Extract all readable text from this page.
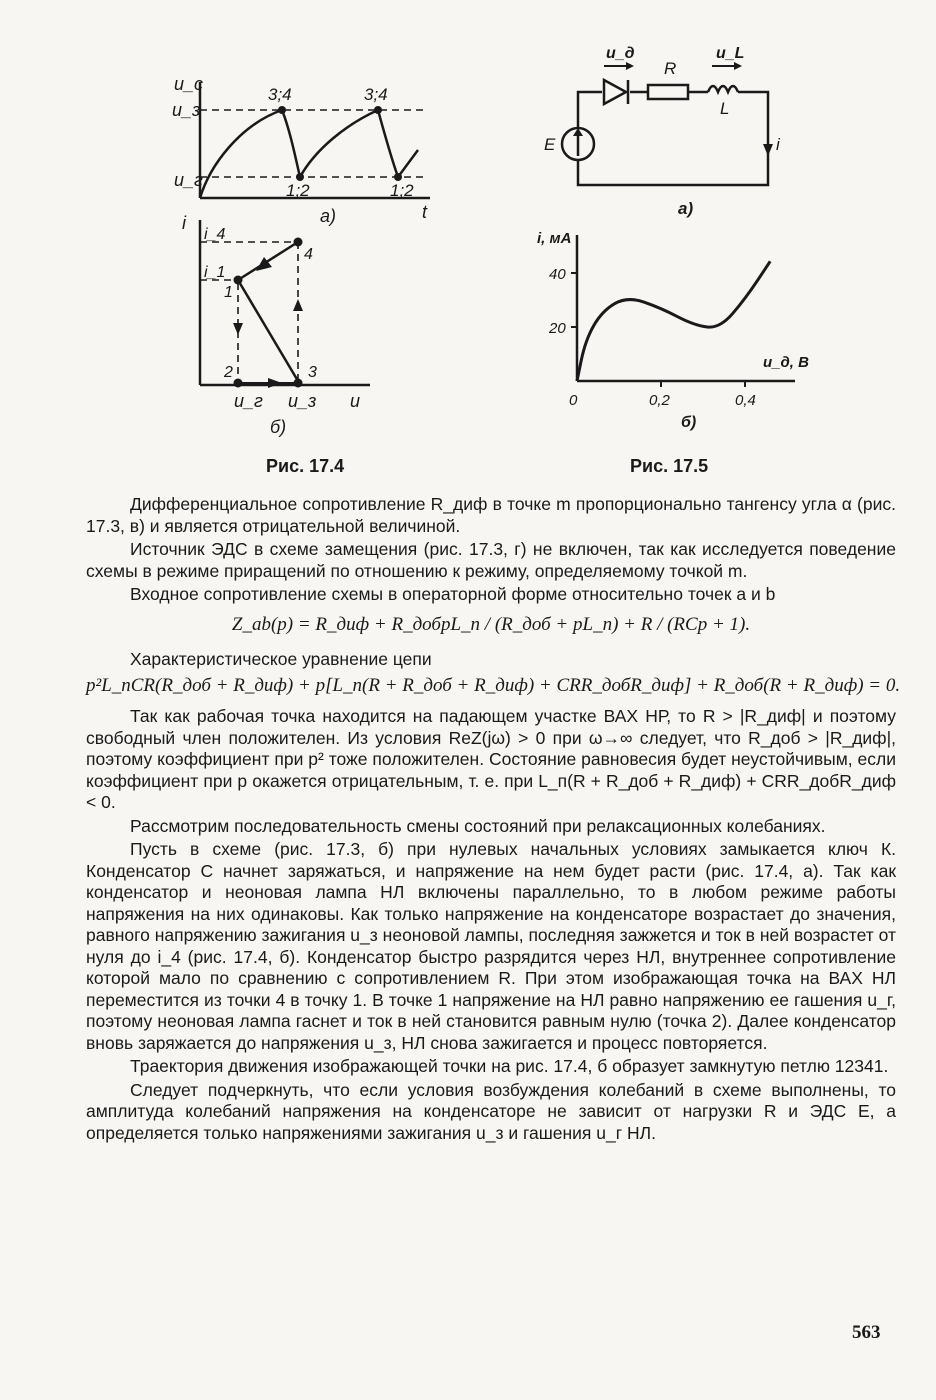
u_c
u_з
u_г
3;4	3;4
1;2	1;2
а)	t
i
i_4
i_1
1
2	3
4
u_г u_з u
б)
Рис. 17.4
u_д
R
u_L
L
E	i
а)
i, мА
40
20
u_д, В
0	0,2	0,4
б)
Рис. 17.5

Дифференциальное сопротивление R_диф в точке m пропорционально тангенсу угла α (рис. 17.3, в) и является отрицательной величиной.

Источник ЭДС в схеме замещения (рис. 17.3, г) не включен, так как исследуется поведение схемы в режиме приращений по отношению к режиму, определяемому точкой m.

Входное сопротивление схемы в операторной форме относительно точек a и b

Z_ab(p) = R_диф + R_добpL_п / (R_доб + pL_п) + R / (RCp + 1).

Характеристическое уравнение цепи

p²L_пCR(R_доб + R_диф) + p[L_п(R + R_доб + R_диф) + CRR_добR_диф] + R_доб(R + R_диф) = 0.

Так как рабочая точка находится на падающем участке ВАХ НР, то R > |R_диф| и поэтому свободный член положителен. Из условия ReZ(jω) > 0 при ω→∞ следует, что R_доб > |R_диф|, поэтому коэффициент при p² тоже положителен. Состояние равновесия будет неустойчивым, если коэффициент при p окажется отрицательным, т. е. при L_п(R + R_доб + R_диф) + CRR_добR_диф < 0.

Рассмотрим последовательность смены состояний при релаксационных колебаниях.

Пусть в схеме (рис. 17.3, б) при нулевых начальных условиях замыкается ключ К. Конденсатор C начнет заряжаться, и напряжение на нем будет расти (рис. 17.4, а). Так как конденсатор и неоновая лампа НЛ включены параллельно, то в любом режиме работы напряжения на них одинаковы. Как только напряжение на конденсаторе возрастает до значения, равного напряжению зажигания u_з неоновой лампы, последняя зажжется и ток в ней возрастет от нуля до i_4 (рис. 17.4, б). Конденсатор быстро разрядится через НЛ, внутреннее сопротивление которой мало по сравнению с сопротивлением R. При этом изображающая точка на ВАХ НЛ переместится из точки 4 в точку 1. В точке 1 напряжение на НЛ равно напряжению ее гашения u_г, поэтому неоновая лампа гаснет и ток в ней становится равным нулю (точка 2). Далее конденсатор вновь заряжается до напряжения u_з, НЛ снова зажигается и процесс повторяется.

Траектория движения изображающей точки на рис. 17.4, б образует замкнутую петлю 12341.

Следует подчеркнуть, что если условия возбуждения колебаний в схеме выполнены, то амплитуда колебаний напряжения на конденсаторе не зависит от нагрузки R и ЭДС E, а определяется только напряжениями зажигания u_з и гашения u_г НЛ.

563
